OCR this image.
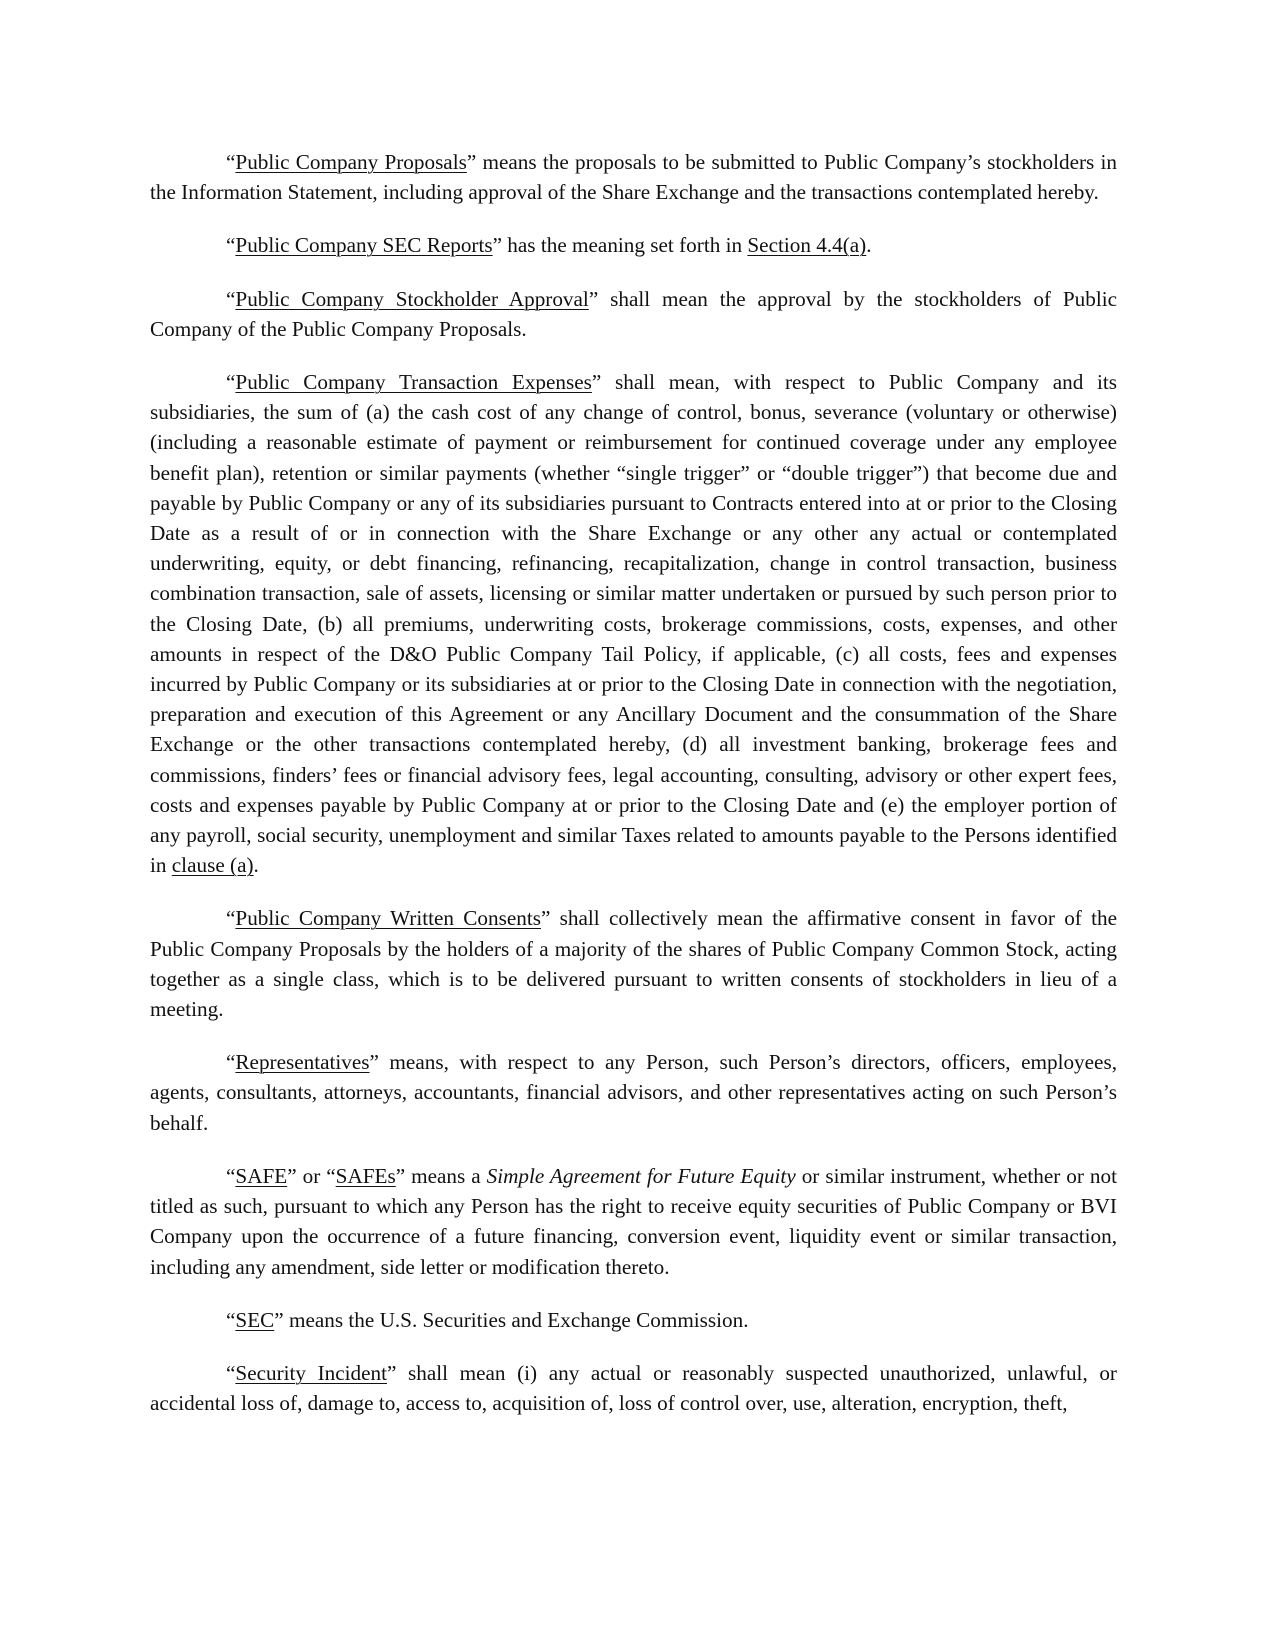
“Public Company Proposals” means the proposals to be submitted to Public Company’s stockholders in the Information Statement, including approval of the Share Exchange and the transactions contemplated hereby.

“Public Company SEC Reports” has the meaning set forth in Section 4.4(a).

“Public Company Stockholder Approval” shall mean the approval by the stockholders of Public Company of the Public Company Proposals.

“Public Company Transaction Expenses” shall mean, with respect to Public Company and its subsidiaries, the sum of (a) the cash cost of any change of control, bonus, severance (voluntary or otherwise) (including a reasonable estimate of payment or reimbursement for continued coverage under any employee benefit plan), retention or similar payments (whether “single trigger” or “double trigger”) that become due and payable by Public Company or any of its subsidiaries pursuant to Contracts entered into at or prior to the Closing Date as a result of or in connection with the Share Exchange or any other any actual or contemplated underwriting, equity, or debt financing, refinancing, recapitalization, change in control transaction, business combination transaction, sale of assets, licensing or similar matter undertaken or pursued by such person prior to the Closing Date, (b) all premiums, underwriting costs, brokerage commissions, costs, expenses, and other amounts in respect of the D&O Public Company Tail Policy, if applicable, (c) all costs, fees and expenses incurred by Public Company or its subsidiaries at or prior to the Closing Date in connection with the negotiation, preparation and execution of this Agreement or any Ancillary Document and the consummation of the Share Exchange or the other transactions contemplated hereby, (d) all investment banking, brokerage fees and commissions, finders’ fees or financial advisory fees, legal accounting, consulting, advisory or other expert fees, costs and expenses payable by Public Company at or prior to the Closing Date and (e) the employer portion of any payroll, social security, unemployment and similar Taxes related to amounts payable to the Persons identified in clause (a).

“Public Company Written Consents” shall collectively mean the affirmative consent in favor of the Public Company Proposals by the holders of a majority of the shares of Public Company Common Stock, acting together as a single class, which is to be delivered pursuant to written consents of stockholders in lieu of a meeting.

“Representatives” means, with respect to any Person, such Person’s directors, officers, employees, agents, consultants, attorneys, accountants, financial advisors, and other representatives acting on such Person’s behalf.

“SAFE” or “SAFEs” means a Simple Agreement for Future Equity or similar instrument, whether or not titled as such, pursuant to which any Person has the right to receive equity securities of Public Company or BVI Company upon the occurrence of a future financing, conversion event, liquidity event or similar transaction, including any amendment, side letter or modification thereto.

“SEC” means the U.S. Securities and Exchange Commission.

“Security Incident” shall mean (i) any actual or reasonably suspected unauthorized, unlawful, or accidental loss of, damage to, access to, acquisition of, loss of control over, use, alteration, encryption, theft,
